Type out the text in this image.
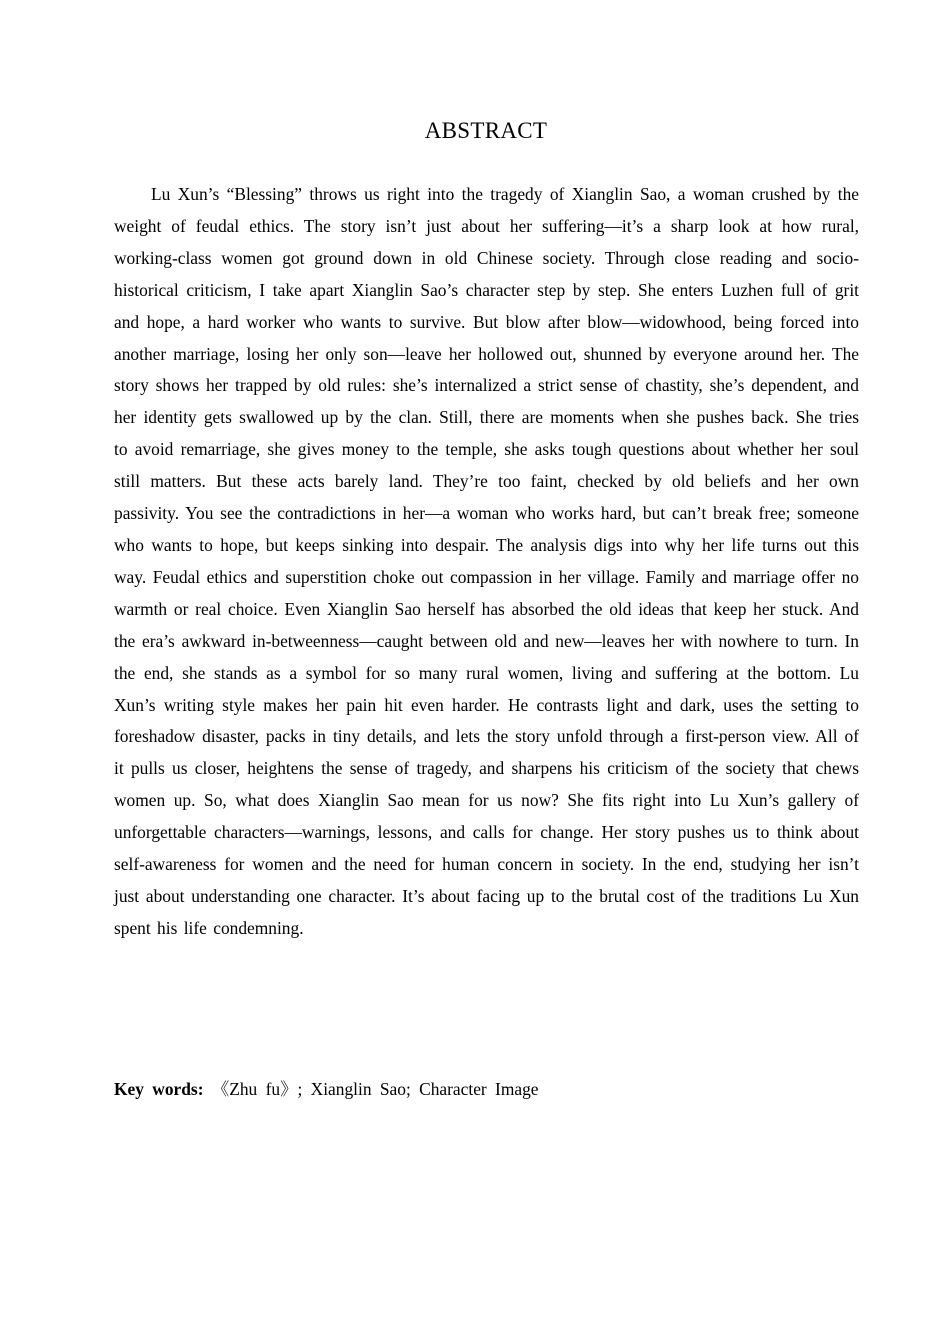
ABSTRACT

Lu Xun’s “Blessing” throws us right into the tragedy of Xianglin Sao, a woman crushed by the weight of feudal ethics. The story isn’t just about her suffering—it’s a sharp look at how rural, working-class women got ground down in old Chinese society. Through close reading and socio-historical criticism, I take apart Xianglin Sao’s character step by step. She enters Luzhen full of grit and hope, a hard worker who wants to survive. But blow after blow—widowhood, being forced into another marriage, losing her only son—leave her hollowed out, shunned by everyone around her. The story shows her trapped by old rules: she’s internalized a strict sense of chastity, she’s dependent, and her identity gets swallowed up by the clan. Still, there are moments when she pushes back. She tries to avoid remarriage, she gives money to the temple, she asks tough questions about whether her soul still matters. But these acts barely land. They’re too faint, checked by old beliefs and her own passivity. You see the contradictions in her—a woman who works hard, but can’t break free; someone who wants to hope, but keeps sinking into despair. The analysis digs into why her life turns out this way. Feudal ethics and superstition choke out compassion in her village. Family and marriage offer no warmth or real choice. Even Xianglin Sao herself has absorbed the old ideas that keep her stuck. And the era’s awkward in-betweenness—caught between old and new—leaves her with nowhere to turn. In the end, she stands as a symbol for so many rural women, living and suffering at the bottom. Lu Xun’s writing style makes her pain hit even harder. He contrasts light and dark, uses the setting to foreshadow disaster, packs in tiny details, and lets the story unfold through a first-person view. All of it pulls us closer, heightens the sense of tragedy, and sharpens his criticism of the society that chews women up. So, what does Xianglin Sao mean for us now? She fits right into Lu Xun’s gallery of unforgettable characters—warnings, lessons, and calls for change. Her story pushes us to think about self-awareness for women and the need for human concern in society. In the end, studying her isn’t just about understanding one character. It’s about facing up to the brutal cost of the traditions Lu Xun spent his life condemning.

Key words: 《Zhu fu》; Xianglin Sao; Character Image
